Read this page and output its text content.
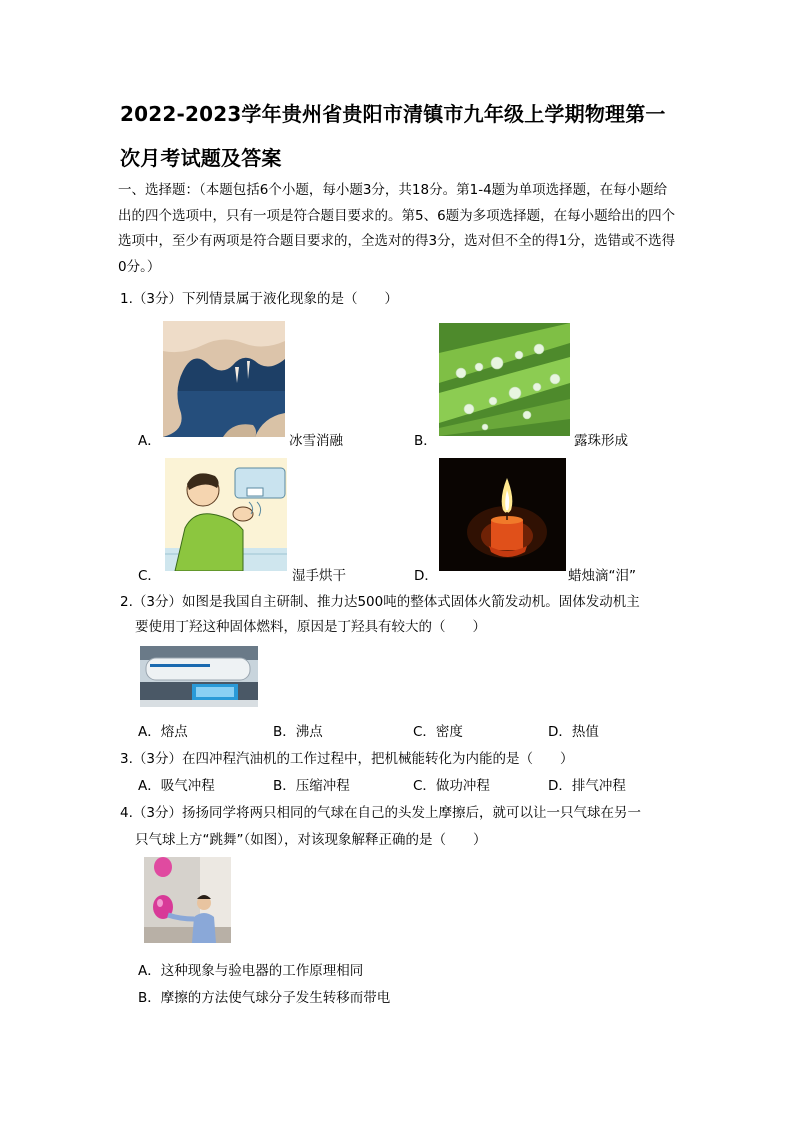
2022-2023学年贵州省贵阳市清镇市九年级上学期物理第一
次月考试题及答案
一、选择题：（本题包括6个小题，每小题3分，共18分。第1-4题为单项选择题，在每小题给出的四个选项中，只有一项是符合题目要求的。第5、6题为多项选择题，在每小题给出的四个选项中，至少有两项是符合题目要求的，全选对的得3分，选对但不全的得1分，选错或不选得0分。）
1.（3分）下列情景属于液化现象的是（　　）
A．	冰雪消融	B．	露珠形成
C．	湿手烘干	D．	蜡烛滴“泪”
2.（3分）如图是我国自主研制、推力达500吨的整体式固体火箭发动机。固体发动机主
要使用丁羟这种固体燃料，原因是丁羟具有较大的（　　）
A．熔点	B．沸点	C．密度	D．热值
3.（3分）在四冲程汽油机的工作过程中，把机械能转化为内能的是（　　）
A．吸气冲程	B．压缩冲程	C．做功冲程	D．排气冲程
4.（3分）扬扬同学将两只相同的气球在自己的头发上摩擦后，就可以让一只气球在另一
只气球上方“跳舞”（如图），对该现象解释正确的是（　　）
A．这种现象与验电器的工作原理相同
B．摩擦的方法使气球分子发生转移而带电
